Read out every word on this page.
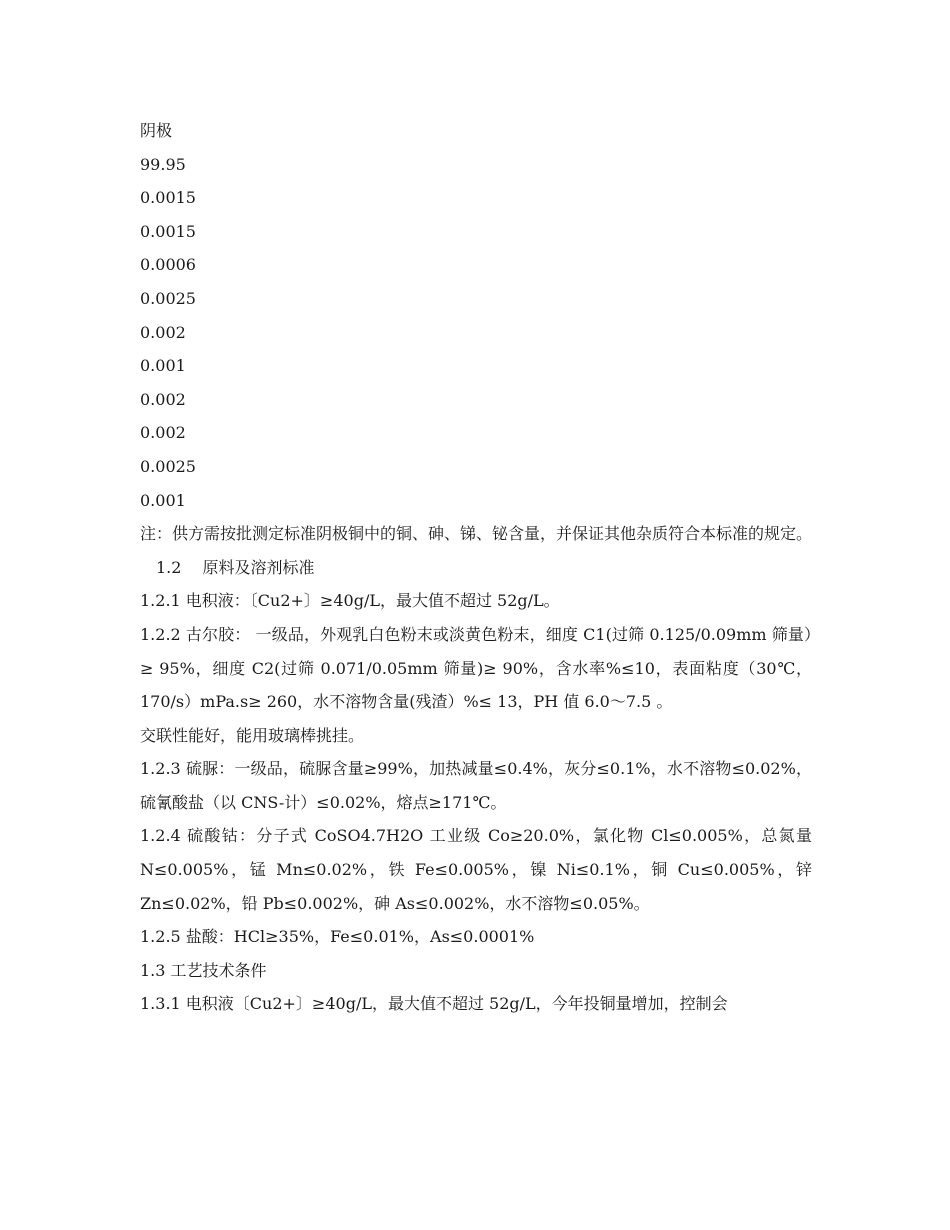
阴极
99.95
0.0015
0.0015
0.0006
0.0025
0.002
0.001
0.002
0.002
0.0025
0.001

注：供方需按批测定标准阴极铜中的铜、砷、锑、铋含量，并保证其他杂质符合本标准的规定。

1.2　 原料及溶剂标准

1.2.1 电积液：〔Cu2+〕≥40g/L，最大值不超过 52g/L。

1.2.2 古尔胶： 一级品，外观乳白色粉末或淡黄色粉末，细度 C1(过筛 0.125/0.09mm 筛量）≥ 95%，细度 C2(过筛 0.071/0.05mm 筛量)≥ 90%，含水率%≤10，表面粘度（30℃，170/s）mPa.s≥ 260，水不溶物含量(残渣）%≤ 13，PH 值 6.0～7.5 。

交联性能好，能用玻璃棒挑挂。

1.2.3 硫脲：一级品，硫脲含量≥99%，加热减量≤0.4%，灰分≤0.1%，水不溶物≤0.02%，硫氰酸盐（以 CNS-计）≤0.02%，熔点≥171℃。

1.2.4 硫酸钴：分子式 CoSO4.7H2O 工业级 Co≥20.0%，氯化物 Cl≤0.005%，总氮量 N≤0.005%，锰 Mn≤0.02%，铁 Fe≤0.005%，镍 Ni≤0.1%，铜 Cu≤0.005%，锌 Zn≤0.02%，铅 Pb≤0.002%，砷 As≤0.002%，水不溶物≤0.05%。

1.2.5 盐酸：HCl≥35%，Fe≤0.01%，As≤0.0001%

1.3 工艺技术条件

1.3.1 电积液〔Cu2+〕≥40g/L，最大值不超过 52g/L，今年投铜量增加，控制会
